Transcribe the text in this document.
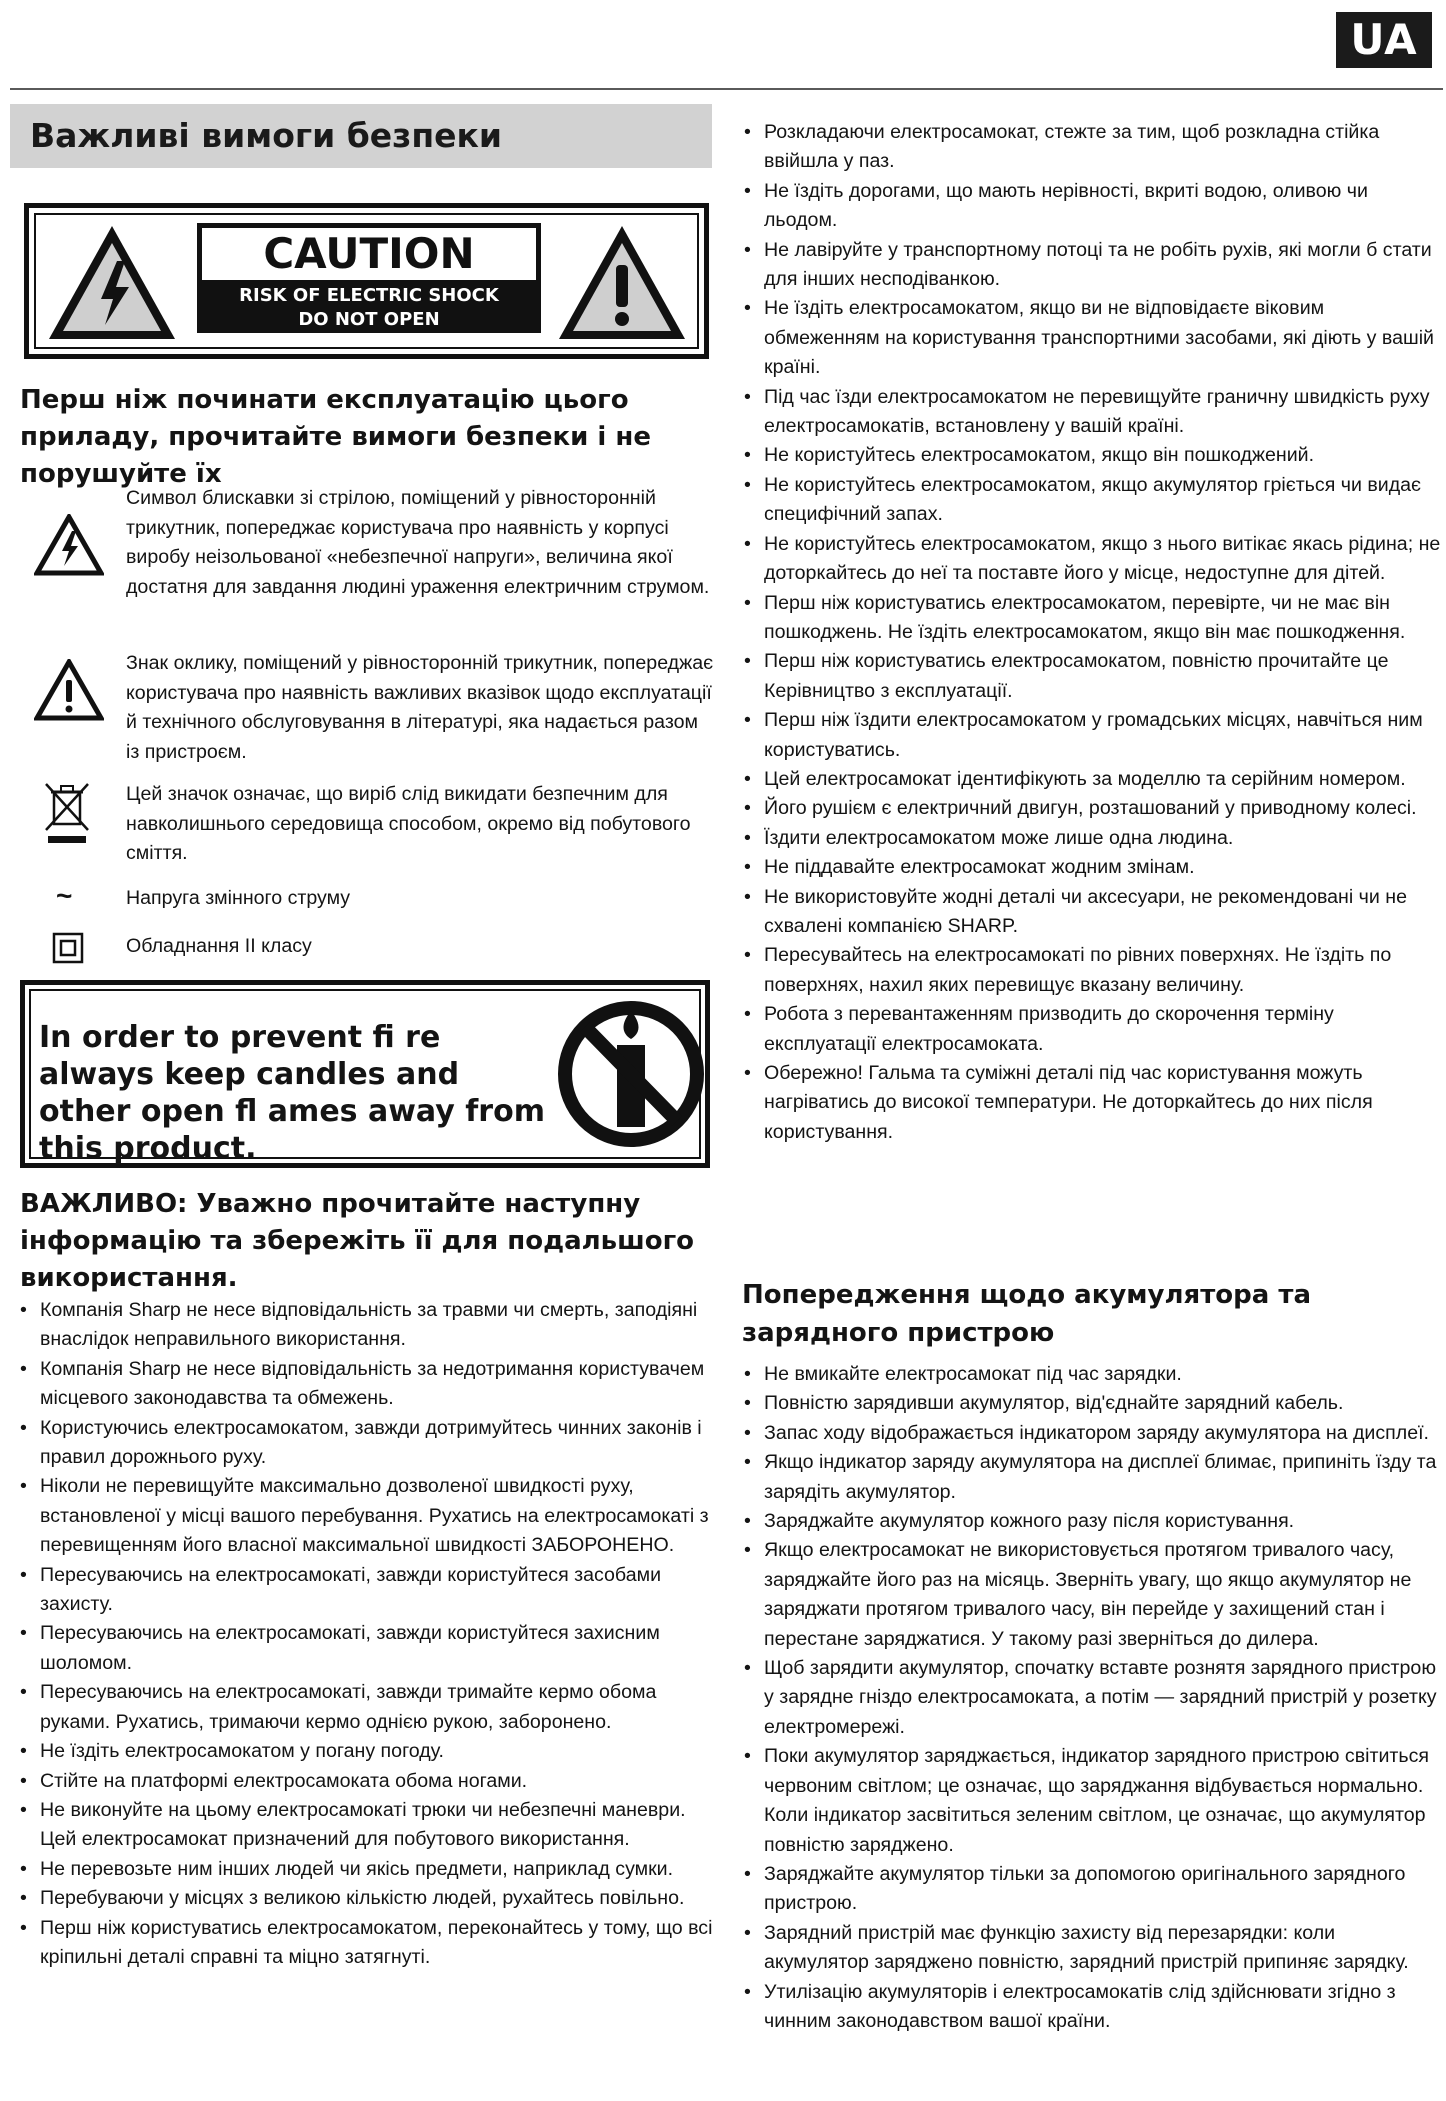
UA
Важливі вимоги безпеки
CAUTION
RISK OF ELECTRIC SHOCK
DO NOT OPEN
Перш ніж починати експлуатацію цього приладу, прочитайте вимоги безпеки і не порушуйте їх
Символ блискавки зі стрілою, поміщений у рівносторонній трикутник, попереджає користувача про наявність у корпусі виробу неізольованої «небезпечної напруги», величина якої достатня для завдання людині ураження електричним струмом.
Знак оклику, поміщений у рівносторонній трикутник, попереджає користувача про наявність важливих вказівок щодо експлуатації й технічного обслуговування в літературі, яка надається разом із пристроєм.
Цей значок означає, що виріб слід викидати безпечним для навколишнього середовища способом, окремо від побутового сміття.
~	Напруга змінного струму
Обладнання II класу
In order to prevent fi re always keep candles and other open fl ames away from this product.
ВАЖЛИВО: Уважно прочитайте наступну інформацію та збережіть її для подальшого використання.
• Компанія Sharp не несе відповідальність за травми чи смерть, заподіяні внаслідок неправильного використання.
• Компанія Sharp не несе відповідальність за недотримання користувачем місцевого законодавства та обмежень.
• Користуючись електросамокатом, завжди дотримуйтесь чинних законів і правил дорожнього руху.
• Ніколи не перевищуйте максимально дозволеної швидкості руху, встановленої у місці вашого перебування. Рухатись на електросамокаті з перевищенням його власної максимальної швидкості ЗАБОРОНЕНО.
• Пересуваючись на електросамокаті, завжди користуйтеся засобами захисту.
• Пересуваючись на електросамокаті, завжди користуйтеся захисним шоломом.
• Пересуваючись на електросамокаті, завжди тримайте кермо обома руками. Рухатись, тримаючи кермо однією рукою, заборонено.
• Не їздіть електросамокатом у погану погоду.
• Стійте на платформі електросамоката обома ногами.
• Не виконуйте на цьому електросамокаті трюки чи небезпечні маневри. Цей електросамокат призначений для побутового використання.
• Не перевозьте ним інших людей чи якісь предмети, наприклад сумки.
• Перебуваючи у місцях з великою кількістю людей, рухайтесь повільно.
• Перш ніж користуватись електросамокатом, переконайтесь у тому, що всі кріпильні деталі справні та міцно затягнуті.
• Розкладаючи електросамокат, стежте за тим, щоб розкладна стійка ввійшла у паз.
• Не їздіть дорогами, що мають нерівності, вкриті водою, оливою чи льодом.
• Не лавіруйте у транспортному потоці та не робіть рухів, які могли б стати для інших несподіванкою.
• Не їздіть електросамокатом, якщо ви не відповідаєте віковим обмеженням на користування транспортними засобами, які діють у вашій країні.
• Під час їзди електросамокатом не перевищуйте граничну швидкість руху електросамокатів, встановлену у вашій країні.
• Не користуйтесь електросамокатом, якщо він пошкоджений.
• Не користуйтесь електросамокатом, якщо акумулятор гріється чи видає специфічний запах.
• Не користуйтесь електросамокатом, якщо з нього витікає якась рідина; не доторкайтесь до неї та поставте його у місце, недоступне для дітей.
• Перш ніж користуватись електросамокатом, перевірте, чи не має він пошкоджень. Не їздіть електросамокатом, якщо він має пошкодження.
• Перш ніж користуватись електросамокатом, повністю прочитайте це Керівництво з експлуатації.
• Перш ніж їздити електросамокатом у громадських місцях, навчіться ним користуватись.
• Цей електросамокат ідентифікують за моделлю та серійним номером.
• Його рушієм є електричний двигун, розташований у приводному колесі.
• Їздити електросамокатом може лише одна людина.
• Не піддавайте електросамокат жодним змінам.
• Не використовуйте жодні деталі чи аксесуари, не рекомендовані чи не схвалені компанією SHARP.
• Пересувайтесь на електросамокаті по рівних поверхнях. Не їздіть по поверхнях, нахил яких перевищує вказану величину.
• Робота з перевантаженням призводить до скорочення терміну експлуатації електросамоката.
• Обережно! Гальма та суміжні деталі під час користування можуть нагріватись до високої температури. Не доторкайтесь до них після користування.
Попередження щодо акумулятора та зарядного пристрою
• Не вмикайте електросамокат під час зарядки.
• Повністю зарядивши акумулятор, від'єднайте зарядний кабель.
• Запас ходу відображається індикатором заряду акумулятора на дисплеї.
• Якщо індикатор заряду акумулятора на дисплеї блимає, припиніть їзду та зарядіть акумулятор.
• Заряджайте акумулятор кожного разу після користування.
• Якщо електросамокат не використовується протягом тривалого часу, заряджайте його раз на місяць. Зверніть увагу, що якщо акумулятор не заряджати протягом тривалого часу, він перейде у захищений стан і перестане заряджатися. У такому разі зверніться до дилера.
• Щоб зарядити акумулятор, спочатку вставте рознятя зарядного пристрою у зарядне гніздо електросамоката, а потім — зарядний пристрій у розетку електромережі.
• Поки акумулятор заряджається, індикатор зарядного пристрою світиться червоним світлом; це означає, що заряджання відбувається нормально. Коли індикатор засвітиться зеленим світлом, це означає, що акумулятор повністю заряджено.
• Заряджайте акумулятор тільки за допомогою оригінального зарядного пристрою.
• Зарядний пристрій має функцію захисту від перезарядки: коли акумулятор заряджено повністю, зарядний пристрій припиняє зарядку.
• Утилізацію акумуляторів і електросамокатів слід здійснювати згідно з чинним законодавством вашої країни.
